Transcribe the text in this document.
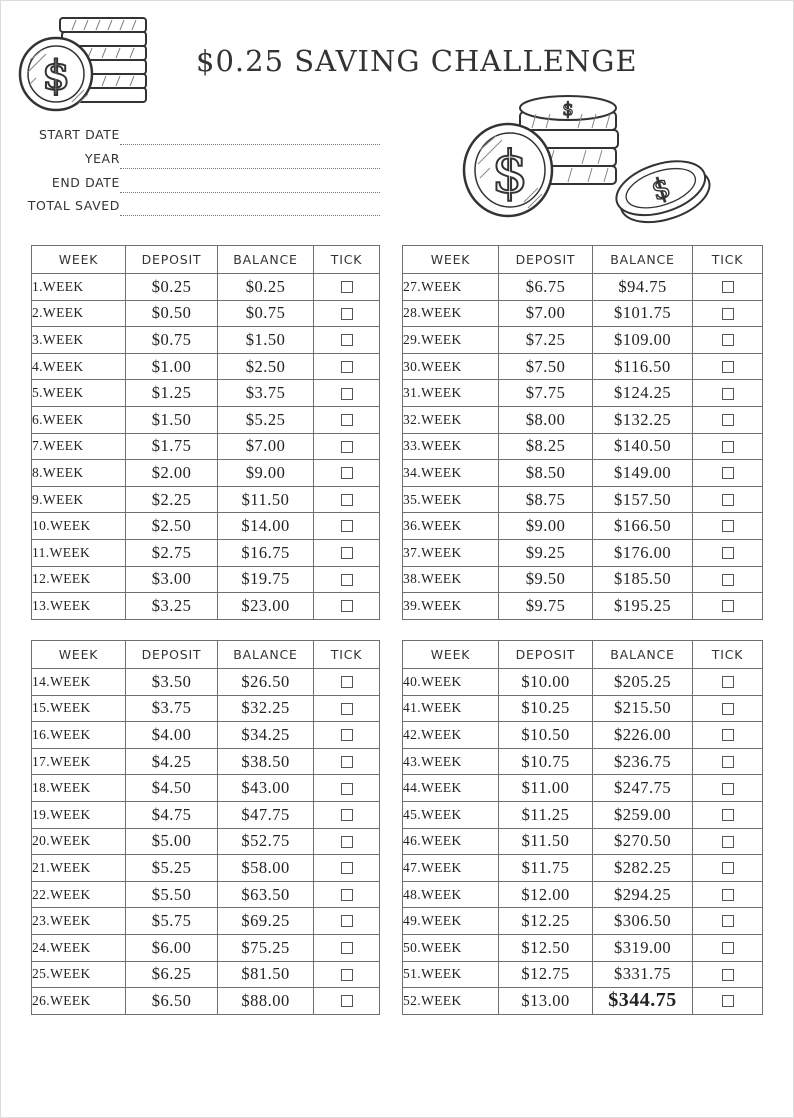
$	$0.25 SAVING CHALLENGE
$
$	$
START DATE
YEAR
END DATE
TOTAL SAVED
WEEK	DEPOSIT	BALANCE	TICK
1.WEEK	$0.25	$0.25	
2.WEEK	$0.50	$0.75	
3.WEEK	$0.75	$1.50	
4.WEEK	$1.00	$2.50	
5.WEEK	$1.25	$3.75	
6.WEEK	$1.50	$5.25	
7.WEEK	$1.75	$7.00	
8.WEEK	$2.00	$9.00	
9.WEEK	$2.25	$11.50	
10.WEEK	$2.50	$14.00	
11.WEEK	$2.75	$16.75	
12.WEEK	$3.00	$19.75	
13.WEEK	$3.25	$23.00	
WEEK	DEPOSIT	BALANCE	TICK
27.WEEK	$6.75	$94.75	
28.WEEK	$7.00	$101.75	
29.WEEK	$7.25	$109.00	
30.WEEK	$7.50	$116.50	
31.WEEK	$7.75	$124.25	
32.WEEK	$8.00	$132.25	
33.WEEK	$8.25	$140.50	
34.WEEK	$8.50	$149.00	
35.WEEK	$8.75	$157.50	
36.WEEK	$9.00	$166.50	
37.WEEK	$9.25	$176.00	
38.WEEK	$9.50	$185.50	
39.WEEK	$9.75	$195.25	
WEEK	DEPOSIT	BALANCE	TICK
14.WEEK	$3.50	$26.50	
15.WEEK	$3.75	$32.25	
16.WEEK	$4.00	$34.25	
17.WEEK	$4.25	$38.50	
18.WEEK	$4.50	$43.00	
19.WEEK	$4.75	$47.75	
20.WEEK	$5.00	$52.75	
21.WEEK	$5.25	$58.00	
22.WEEK	$5.50	$63.50	
23.WEEK	$5.75	$69.25	
24.WEEK	$6.00	$75.25	
25.WEEK	$6.25	$81.50	
26.WEEK	$6.50	$88.00	
WEEK	DEPOSIT	BALANCE	TICK
40.WEEK	$10.00	$205.25	
41.WEEK	$10.25	$215.50	
42.WEEK	$10.50	$226.00	
43.WEEK	$10.75	$236.75	
44.WEEK	$11.00	$247.75	
45.WEEK	$11.25	$259.00	
46.WEEK	$11.50	$270.50	
47.WEEK	$11.75	$282.25	
48.WEEK	$12.00	$294.25	
49.WEEK	$12.25	$306.50	
50.WEEK	$12.50	$319.00	
51.WEEK	$12.75	$331.75	
52.WEEK	$13.00	$344.75	
